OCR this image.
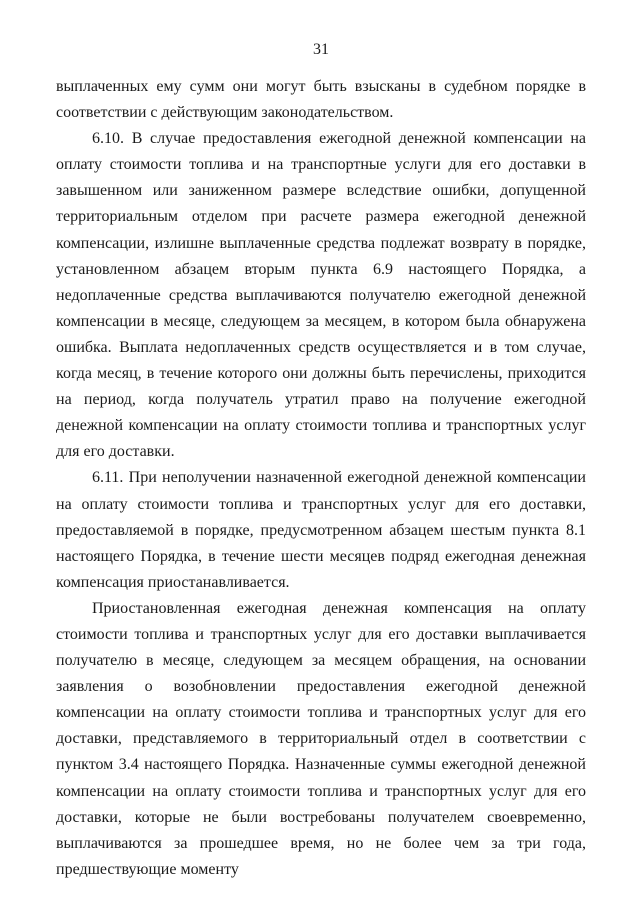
31

выплаченных ему сумм они могут быть взысканы в судебном порядке в соответствии с действующим законодательством.

6.10. В случае предоставления ежегодной денежной компенсации на оплату стоимости топлива и на транспортные услуги для его доставки в завышенном или заниженном размере вследствие ошибки, допущенной территориальным отделом при расчете размера ежегодной денежной компенсации, излишне выплаченные средства подлежат возврату в порядке, установленном абзацем вторым пункта 6.9 настоящего Порядка, а недоплаченные средства выплачиваются получателю ежегодной денежной компенсации в месяце, следующем за месяцем, в котором была обнаружена ошибка. Выплата недоплаченных средств осуществляется и в том случае, когда месяц, в течение которого они должны быть перечислены, приходится на период, когда получатель утратил право на получение ежегодной денежной компенсации на оплату стоимости топлива и транспортных услуг для его доставки.

6.11. При неполучении назначенной ежегодной денежной компенсации на оплату стоимости топлива и транспортных услуг для его доставки, предоставляемой в порядке, предусмотренном абзацем шестым пункта 8.1 настоящего Порядка, в течение шести месяцев подряд ежегодная денежная компенсация приостанавливается.

Приостановленная ежегодная денежная компенсация на оплату стоимости топлива и транспортных услуг для его доставки выплачивается получателю в месяце, следующем за месяцем обращения, на основании заявления о возобновлении предоставления ежегодной денежной компенсации на оплату стоимости топлива и транспортных услуг для его доставки, представляемого в территориальный отдел в соответствии с пунктом 3.4 настоящего Порядка. Назначенные суммы ежегодной денежной компенсации на оплату стоимости топлива и транспортных услуг для его доставки, которые не были востребованы получателем своевременно, выплачиваются за прошедшее время, но не более чем за три года, предшествующие моменту
